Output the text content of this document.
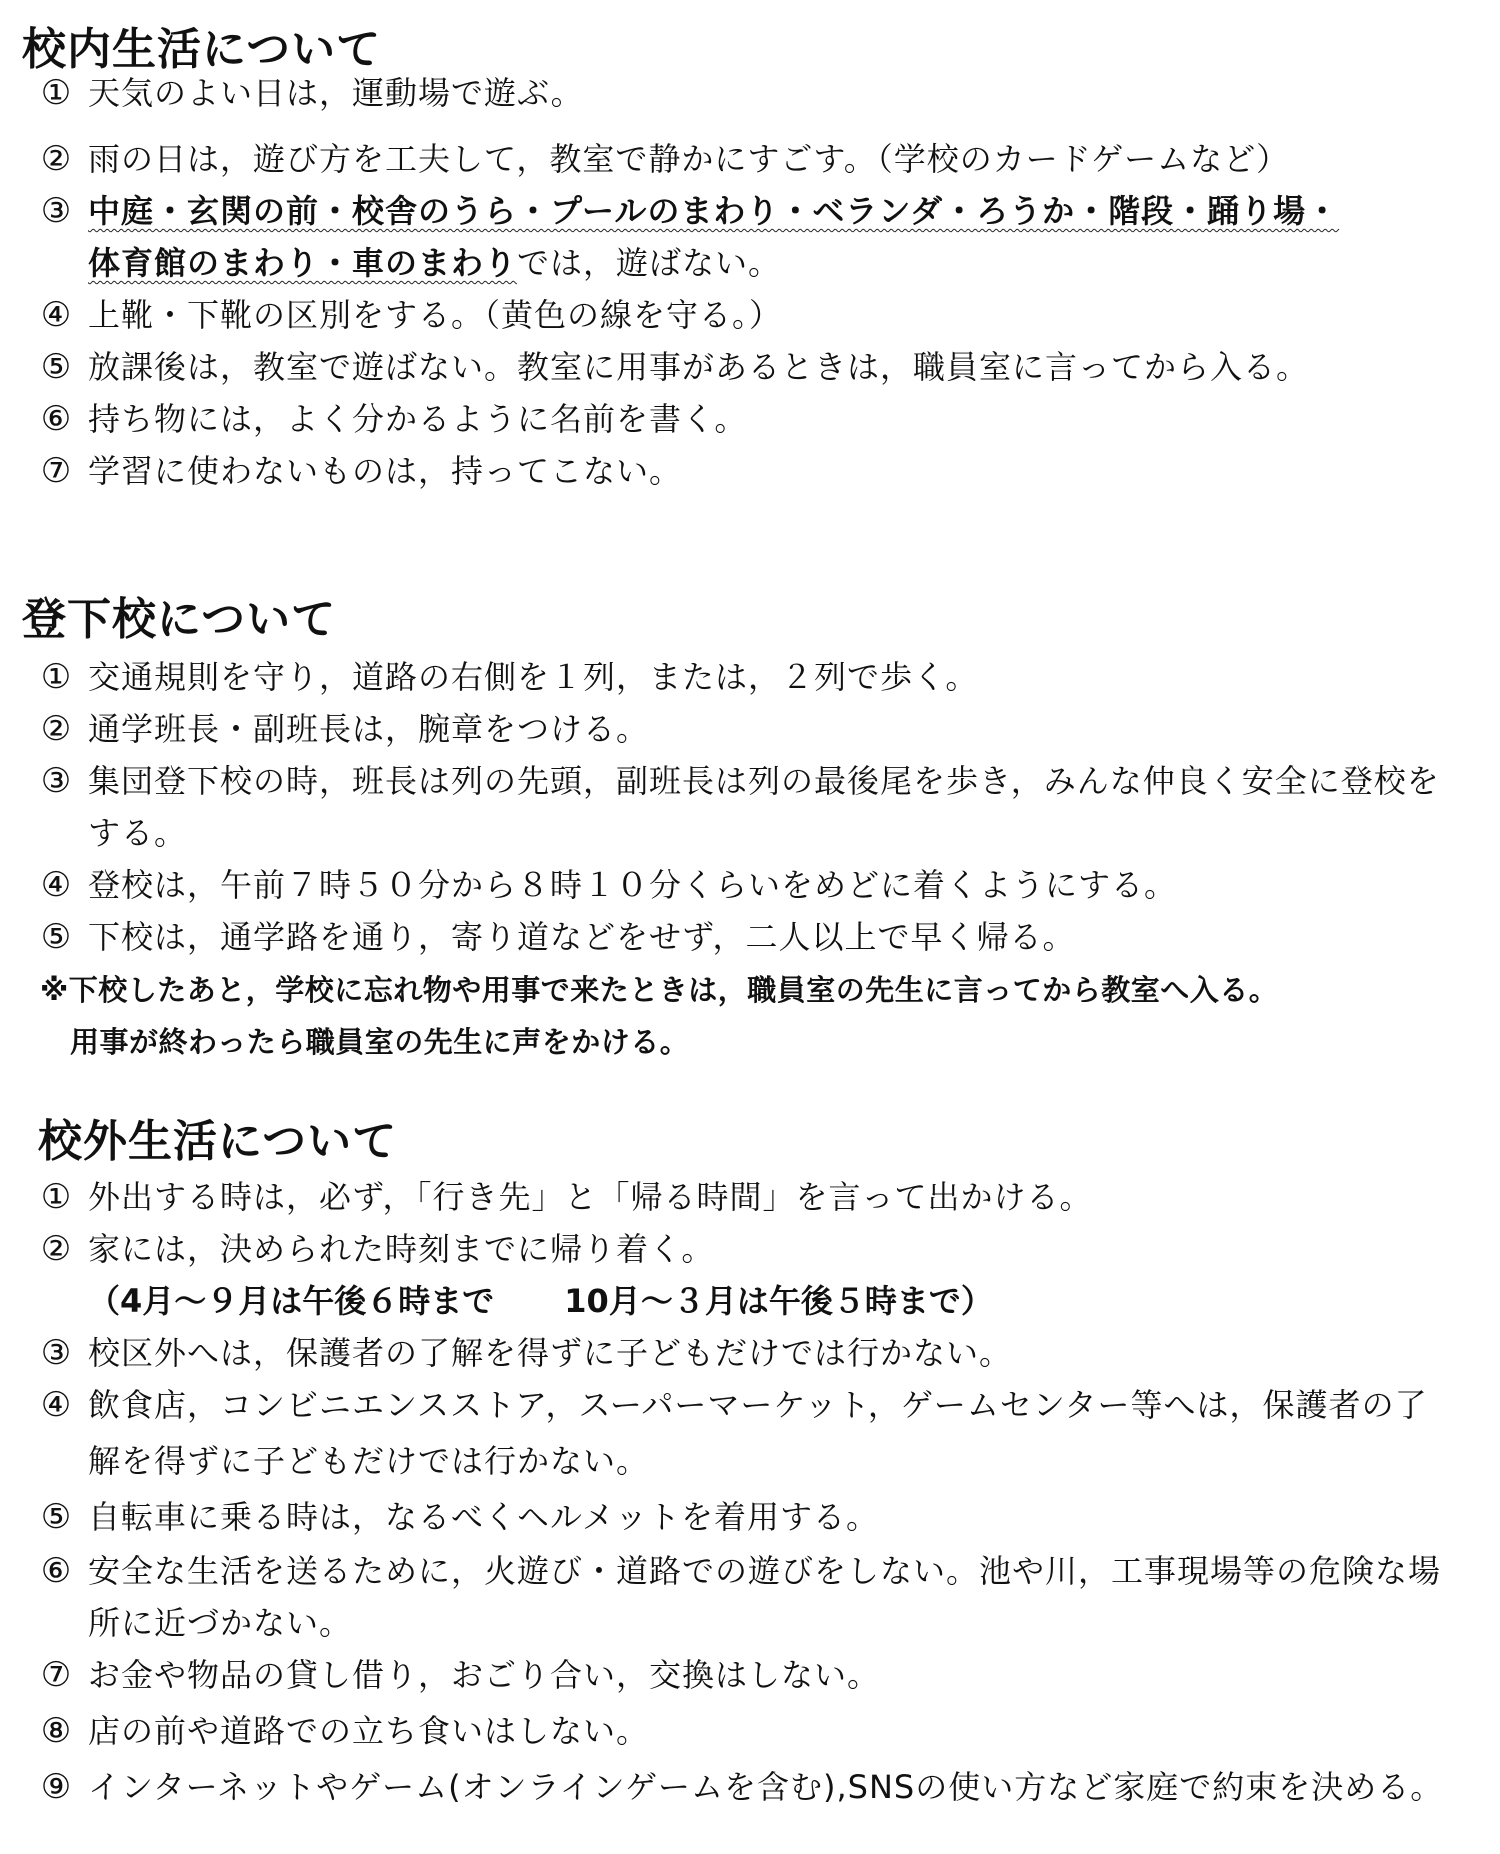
校内生活について
① 天気のよい日は，運動場で遊ぶ。
② 雨の日は，遊び方を工夫して，教室で静かにすごす。（学校のカードゲームなど）
③ 中庭・玄関の前・校舎のうら・プールのまわり・ベランダ・ろうか・階段・踊り場・
体育館のまわり・車のまわりでは，遊ばない。
④ 上靴・下靴の区別をする。（黄色の線を守る。）
⑤ 放課後は，教室で遊ばない。教室に用事があるときは，職員室に言ってから入る。
⑥ 持ち物には，よく分かるように名前を書く。
⑦ 学習に使わないものは，持ってこない。
登下校について
① 交通規則を守り，道路の右側を１列，または，２列で歩く。
② 通学班長・副班長は，腕章をつける。
③ 集団登下校の時，班長は列の先頭，副班長は列の最後尾を歩き，みんな仲良く安全に登校を
する。
④ 登校は，午前７時５０分から８時１０分くらいをめどに着くようにする。
⑤ 下校は，通学路を通り，寄り道などをせず，二人以上で早く帰る。
※下校したあと，学校に忘れ物や用事で来たときは，職員室の先生に言ってから教室へ入る。
用事が終わったら職員室の先生に声をかける。
校外生活について
① 外出する時は，必ず，「行き先」と「帰る時間」を言って出かける。
② 家には，決められた時刻までに帰り着く。
（4月～９月は午後６時まで 10月～３月は午後５時まで）
③ 校区外へは，保護者の了解を得ずに子どもだけでは行かない。
④ 飲食店，コンビニエンスストア，スーパーマーケット，ゲームセンター等へは，保護者の了
解を得ずに子どもだけでは行かない。
⑤ 自転車に乗る時は，なるべくヘルメットを着用する。
⑥ 安全な生活を送るために，火遊び・道路での遊びをしない。池や川，工事現場等の危険な場
所に近づかない。
⑦ お金や物品の貸し借り，おごり合い，交換はしない。
⑧ 店の前や道路での立ち食いはしない。
⑨ インターネットやゲーム(オンラインゲームを含む),SNSの使い方など家庭で約束を決める。
